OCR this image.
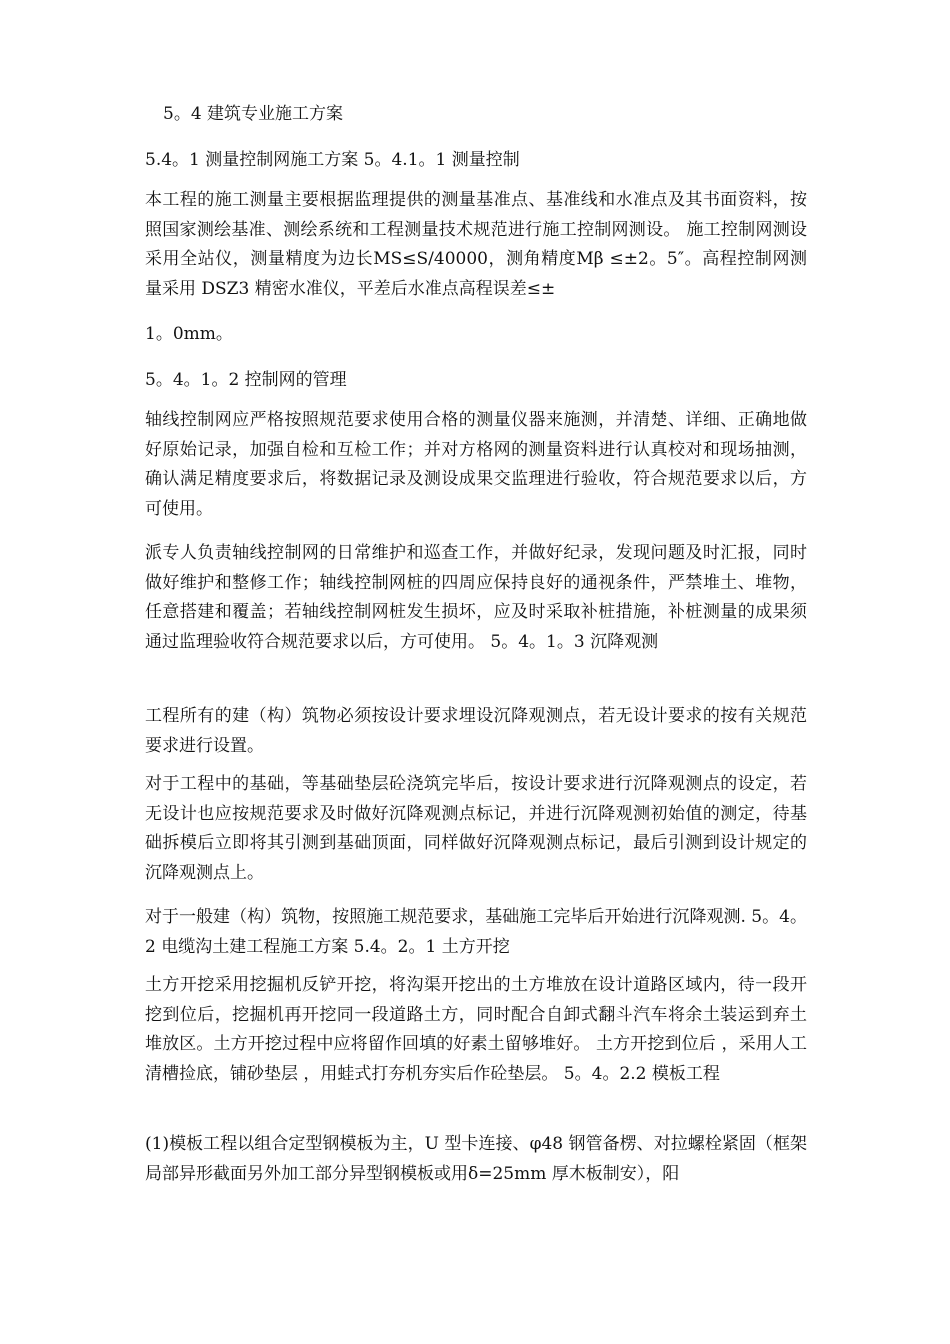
5。4 建筑专业施工方案
5.4。1 测量控制网施工方案 5。4.1。1 测量控制
本工程的施工测量主要根据监理提供的测量基准点、基准线和水准点及其书面资料，按照国家测绘基准、测绘系统和工程测量技术规范进行施工控制网测设。 施工控制网测设采用全站仪，测量精度为边长MS≤S/40000，测角精度Mβ ≤±2。5″。高程控制网测量采用 DSZ3 精密水准仪，平差后水准点高程误差≤±
1。0mm。
5。4。1。2 控制网的管理
轴线控制网应严格按照规范要求使用合格的测量仪器来施测，并清楚、详细、正确地做好原始记录，加强自检和互检工作；并对方格网的测量资料进行认真校对和现场抽测，确认满足精度要求后，将数据记录及测设成果交监理进行验收，符合规范要求以后，方可使用。
派专人负责轴线控制网的日常维护和巡查工作，并做好纪录，发现问题及时汇报，同时做好维护和整修工作；轴线控制网桩的四周应保持良好的通视条件，严禁堆土、堆物，任意搭建和覆盖；若轴线控制网桩发生损坏，应及时采取补桩措施，补桩测量的成果须通过监理验收符合规范要求以后，方可使用。 5。4。1。3 沉降观测
工程所有的建（构）筑物必须按设计要求埋设沉降观测点，若无设计要求的按有关规范要求进行设置。
对于工程中的基础，等基础垫层砼浇筑完毕后，按设计要求进行沉降观测点的设定，若无设计也应按规范要求及时做好沉降观测点标记，并进行沉降观测初始值的测定，待基础拆模后立即将其引测到基础顶面，同样做好沉降观测点标记，最后引测到设计规定的沉降观测点上。
对于一般建（构）筑物，按照施工规范要求，基础施工完毕后开始进行沉降观测. 5。4。2 电缆沟土建工程施工方案 5.4。2。1 土方开挖
土方开挖采用挖掘机反铲开挖，将沟渠开挖出的土方堆放在设计道路区域内，待一段开挖到位后，挖掘机再开挖同一段道路土方，同时配合自卸式翻斗汽车将余土装运到弃土堆放区。土方开挖过程中应将留作回填的好素土留够堆好。 土方开挖到位后 ，采用人工清槽捡底，铺砂垫层 ，用蛙式打夯机夯实后作砼垫层。 5。4。2.2 模板工程
(1)模板工程以组合定型钢模板为主，U 型卡连接、φ48 钢管备楞、对拉螺栓紧固（框架局部异形截面另外加工部分异型钢模板或用δ=25mm 厚木板制安），阳
